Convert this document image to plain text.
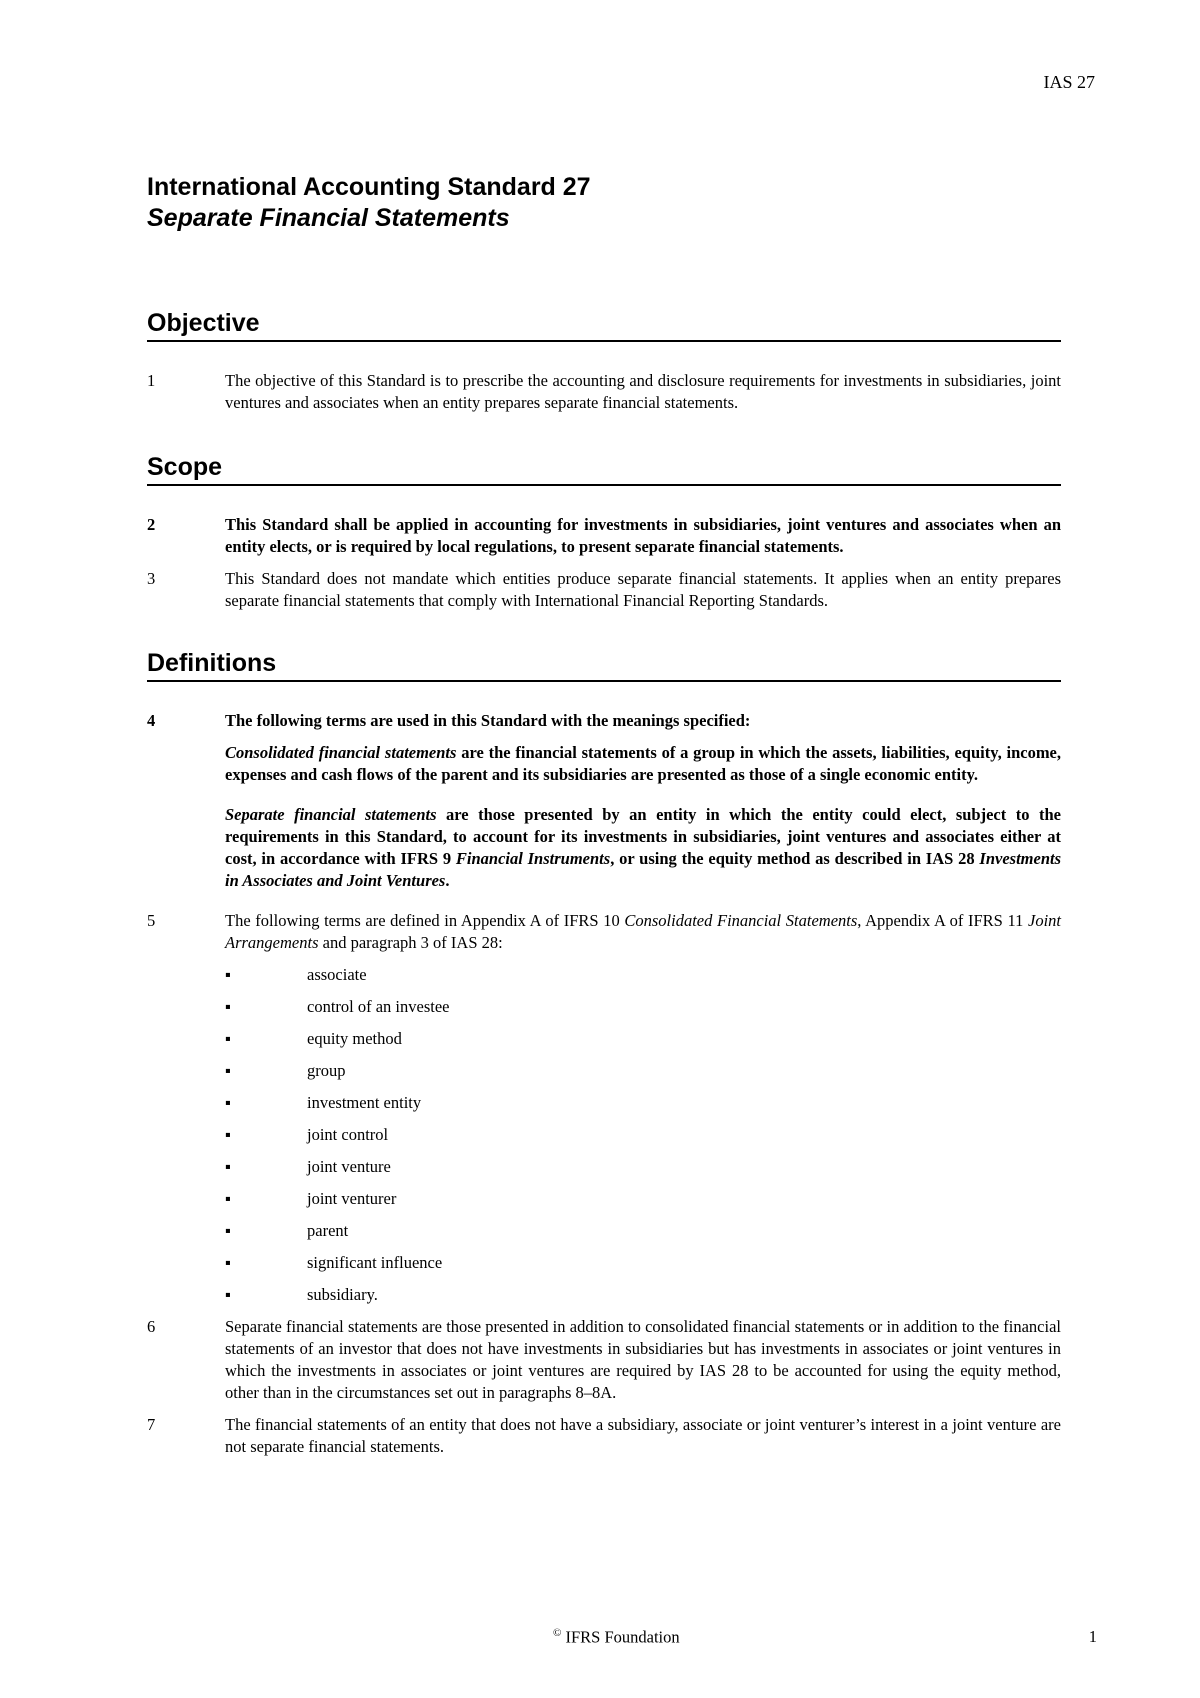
IAS 27
International Accounting Standard 27
Separate Financial Statements
Objective
1	The objective of this Standard is to prescribe the accounting and disclosure requirements for investments in subsidiaries, joint ventures and associates when an entity prepares separate financial statements.
Scope
2	This Standard shall be applied in accounting for investments in subsidiaries, joint ventures and associates when an entity elects, or is required by local regulations, to present separate financial statements.
3	This Standard does not mandate which entities produce separate financial statements. It applies when an entity prepares separate financial statements that comply with International Financial Reporting Standards.
Definitions
4	The following terms are used in this Standard with the meanings specified:
Consolidated financial statements are the financial statements of a group in which the assets, liabilities, equity, income, expenses and cash flows of the parent and its subsidiaries are presented as those of a single economic entity.
Separate financial statements are those presented by an entity in which the entity could elect, subject to the requirements in this Standard, to account for its investments in subsidiaries, joint ventures and associates either at cost, in accordance with IFRS 9 Financial Instruments, or using the equity method as described in IAS 28 Investments in Associates and Joint Ventures.
5	The following terms are defined in Appendix A of IFRS 10 Consolidated Financial Statements, Appendix A of IFRS 11 Joint Arrangements and paragraph 3 of IAS 28:
▪	associate
▪	control of an investee
▪	equity method
▪	group
▪	investment entity
▪	joint control
▪	joint venture
▪	joint venturer
▪	parent
▪	significant influence
▪	subsidiary.
6	Separate financial statements are those presented in addition to consolidated financial statements or in addition to the financial statements of an investor that does not have investments in subsidiaries but has investments in associates or joint ventures in which the investments in associates or joint ventures are required by IAS 28 to be accounted for using the equity method, other than in the circumstances set out in paragraphs 8–8A.
7	The financial statements of an entity that does not have a subsidiary, associate or joint venturer’s interest in a joint venture are not separate financial statements.
© IFRS Foundation	1
